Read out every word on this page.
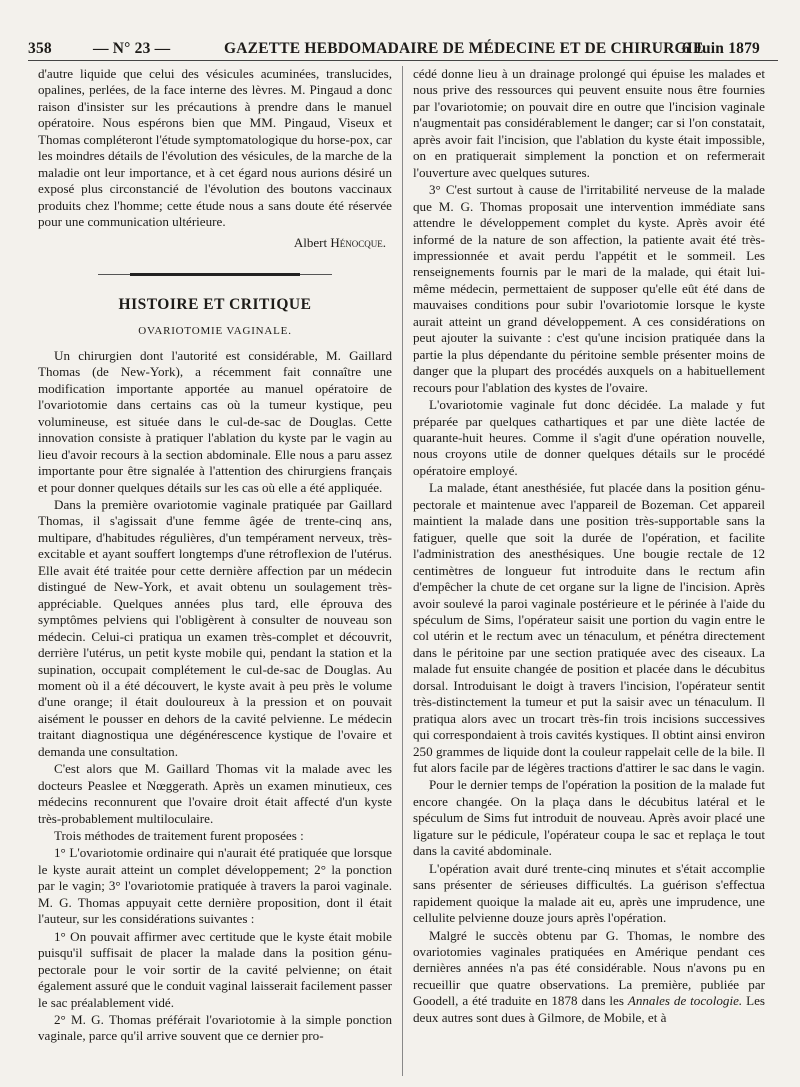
358	— N° 23 —	GAZETTE HEBDOMADAIRE DE MÉDECINE ET DE CHIRURGIE
6 Juin 1879

d'autre liquide que celui des vésicules acuminées, translucides, opalines, perlées, de la face interne des lèvres. M. Pingaud a donc raison d'insister sur les précautions à prendre dans le manuel opératoire. Nous espérons bien que MM. Pingaud, Viseux et Thomas compléteront l'étude symptomatologique du horse-pox, car les moindres détails de l'évolution des vésicules, de la marche de la maladie ont leur importance, et à cet égard nous aurions désiré un exposé plus circonstancié de l'évolution des boutons vaccinaux produits chez l'homme; cette étude nous a sans doute été réservée pour une communication ultérieure.

Albert Hénocque.
HISTOIRE ET CRITIQUE
OVARIOTOMIE VAGINALE.

Un chirurgien dont l'autorité est considérable, M. Gaillard Thomas (de New-York), a récemment fait connaître une modification importante apportée au manuel opératoire de l'ovariotomie dans certains cas où la tumeur kystique, peu volumineuse, est située dans le cul-de-sac de Douglas. Cette innovation consiste à pratiquer l'ablation du kyste par le vagin au lieu d'avoir recours à la section abdominale. Elle nous a paru assez importante pour être signalée à l'attention des chirurgiens français et pour donner quelques détails sur les cas où elle a été appliquée.

Dans la première ovariotomie vaginale pratiquée par Gaillard Thomas, il s'agissait d'une femme âgée de trente-cinq ans, multipare, d'habitudes régulières, d'un tempérament nerveux, très-excitable et ayant souffert longtemps d'une rétroflexion de l'utérus. Elle avait été traitée pour cette dernière affection par un médecin distingué de New-York, et avait obtenu un soulagement très-appréciable. Quelques années plus tard, elle éprouva des symptômes pelviens qui l'obligèrent à consulter de nouveau son médecin. Celui-ci pratiqua un examen très-complet et découvrit, derrière l'utérus, un petit kyste mobile qui, pendant la station et la supination, occupait complétement le cul-de-sac de Douglas. Au moment où il a été découvert, le kyste avait à peu près le volume d'une orange; il était douloureux à la pression et on pouvait aisément le pousser en dehors de la cavité pelvienne. Le médecin traitant diagnostiqua une dégénérescence kystique de l'ovaire et demanda une consultation.

C'est alors que M. Gaillard Thomas vit la malade avec les docteurs Peaslee et Nœggerath. Après un examen minutieux, ces médecins reconnurent que l'ovaire droit était affecté d'un kyste très-probablement multiloculaire.

Trois méthodes de traitement furent proposées :

1° L'ovariotomie ordinaire qui n'aurait été pratiquée que lorsque le kyste aurait atteint un complet développement; 2° la ponction par le vagin; 3° l'ovariotomie pratiquée à travers la paroi vaginale. M. G. Thomas appuyait cette dernière proposition, dont il était l'auteur, sur les considérations suivantes :

1° On pouvait affirmer avec certitude que le kyste était mobile puisqu'il suffisait de placer la malade dans la position génu-pectorale pour le voir sortir de la cavité pelvienne; on était également assuré que le conduit vaginal laisserait facilement passer le sac préalablement vidé.

2° M. G. Thomas préférait l'ovariotomie à la simple ponction vaginale, parce qu'il arrive souvent que ce dernier pro-

cédé donne lieu à un drainage prolongé qui épuise les malades et nous prive des ressources qui peuvent ensuite nous être fournies par l'ovariotomie; on pouvait dire en outre que l'incision vaginale n'augmentait pas considérablement le danger; car si l'on constatait, après avoir fait l'incision, que l'ablation du kyste était impossible, on en pratiquerait simplement la ponction et on refermerait l'ouverture avec quelques sutures.

3° C'est surtout à cause de l'irritabilité nerveuse de la malade que M. G. Thomas proposait une intervention immédiate sans attendre le développement complet du kyste. Après avoir été informé de la nature de son affection, la patiente avait été très-impressionnée et avait perdu l'appétit et le sommeil. Les renseignements fournis par le mari de la malade, qui était lui-même médecin, permettaient de supposer qu'elle eût été dans de mauvaises conditions pour subir l'ovariotomie lorsque le kyste aurait atteint un grand développement. A ces considérations on peut ajouter la suivante : c'est qu'une incision pratiquée dans la partie la plus dépendante du péritoine semble présenter moins de danger que la plupart des procédés auxquels on a habituellement recours pour l'ablation des kystes de l'ovaire.

L'ovariotomie vaginale fut donc décidée. La malade y fut préparée par quelques cathartiques et par une diète lactée de quarante-huit heures. Comme il s'agit d'une opération nouvelle, nous croyons utile de donner quelques détails sur le procédé opératoire employé.

La malade, étant anesthésiée, fut placée dans la position génu-pectorale et maintenue avec l'appareil de Bozeman. Cet appareil maintient la malade dans une position très-supportable sans la fatiguer, quelle que soit la durée de l'opération, et facilite l'administration des anesthésiques. Une bougie rectale de 12 centimètres de longueur fut introduite dans le rectum afin d'empêcher la chute de cet organe sur la ligne de l'incision. Après avoir soulevé la paroi vaginale postérieure et le périnée à l'aide du spéculum de Sims, l'opérateur saisit une portion du vagin entre le col utérin et le rectum avec un ténaculum, et pénétra directement dans le péritoine par une section pratiquée avec des ciseaux. La malade fut ensuite changée de position et placée dans le décubitus dorsal. Introduisant le doigt à travers l'incision, l'opérateur sentit très-distinctement la tumeur et put la saisir avec un ténaculum. Il pratiqua alors avec un trocart très-fin trois incisions successives qui correspondaient à trois cavités kystiques. Il obtint ainsi environ 250 grammes de liquide dont la couleur rappelait celle de la bile. Il fut alors facile par de légères tractions d'attirer le sac dans le vagin.

Pour le dernier temps de l'opération la position de la malade fut encore changée. On la plaça dans le décubitus latéral et le spéculum de Sims fut introduit de nouveau. Après avoir placé une ligature sur le pédicule, l'opérateur coupa le sac et replaça le tout dans la cavité abdominale.

L'opération avait duré trente-cinq minutes et s'était accomplie sans présenter de sérieuses difficultés. La guérison s'effectua rapidement quoique la malade ait eu, après une imprudence, une cellulite pelvienne douze jours après l'opération.

Malgré le succès obtenu par G. Thomas, le nombre des ovariotomies vaginales pratiquées en Amérique pendant ces dernières années n'a pas été considérable. Nous n'avons pu en recueillir que quatre observations. La première, publiée par Goodell, a été traduite en 1878 dans les Annales de tocologie. Les deux autres sont dues à Gilmore, de Mobile, et à
